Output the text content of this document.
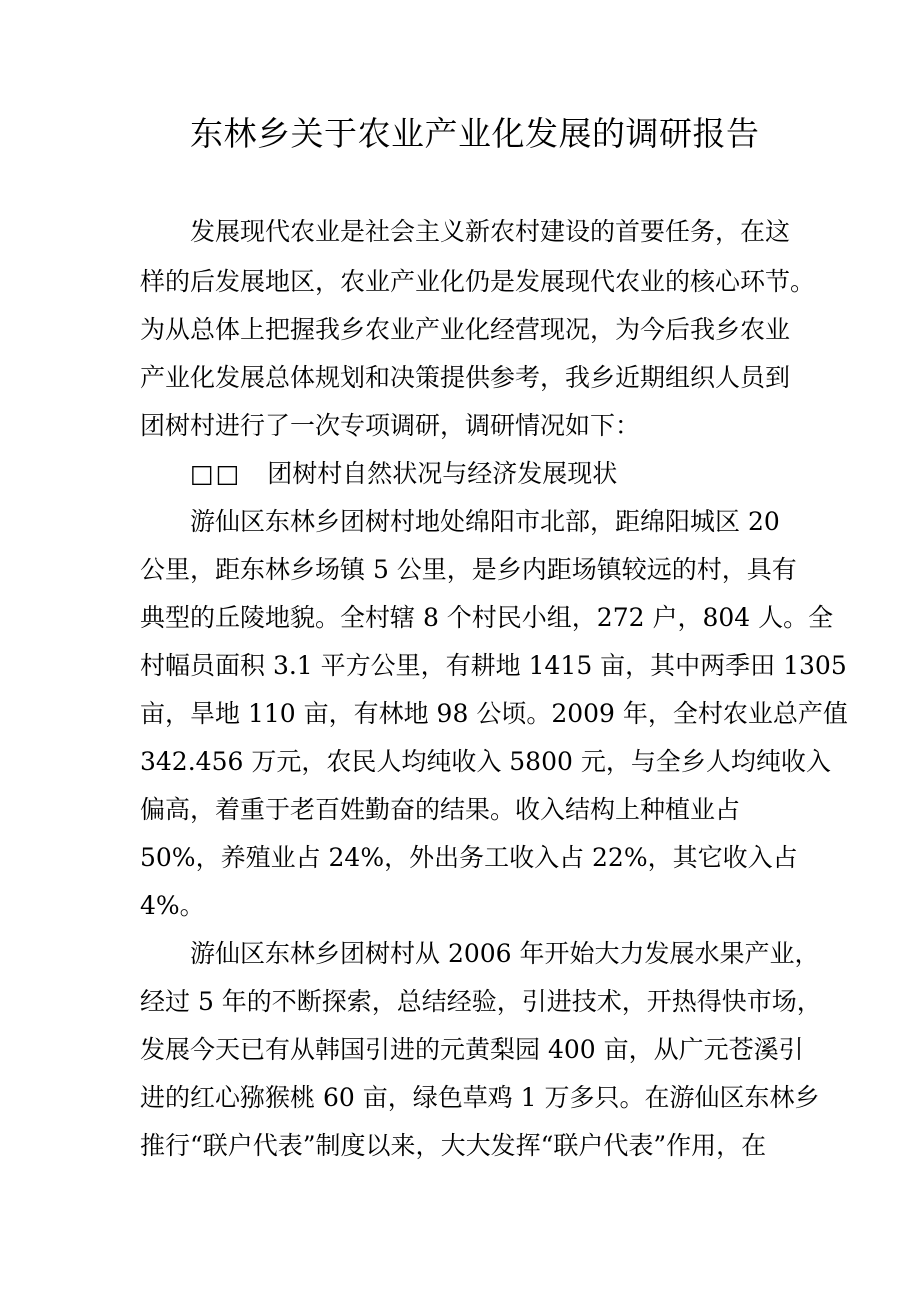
东林乡关于农业产业化发展的调研报告
发展现代农业是社会主义新农村建设的首要任务，在这
样的后发展地区，农业产业化仍是发展现代农业的核心环节。
为从总体上把握我乡农业产业化经营现况，为今后我乡农业
产业化发展总体规划和决策提供参考，我乡近期组织人员到
团树村进行了一次专项调研，调研情况如下：
□□ 团树村自然状况与经济发展现状
游仙区东林乡团树村地处绵阳市北部，距绵阳城区 20
公里，距东林乡场镇 5 公里，是乡内距场镇较远的村，具有
典型的丘陵地貌。全村辖 8 个村民小组，272 户，804 人。全
村幅员面积 3.1 平方公里，有耕地 1415 亩，其中两季田 1305
亩，旱地 110 亩，有林地 98 公顷。2009 年，全村农业总产值
342.456 万元，农民人均纯收入 5800 元，与全乡人均纯收入
偏高，着重于老百姓勤奋的结果。收入结构上种植业占
50%，养殖业占 24%，外出务工收入占 22%，其它收入占
4%。
游仙区东林乡团树村从 2006 年开始大力发展水果产业，
经过 5 年的不断探索，总结经验，引进技术，开热得快市场，
发展今天已有从韩国引进的元黄梨园 400 亩，从广元苍溪引
进的红心猕猴桃 60 亩，绿色草鸡 1 万多只。在游仙区东林乡
推行“联户代表”制度以来，大大发挥“联户代表”作用，在
